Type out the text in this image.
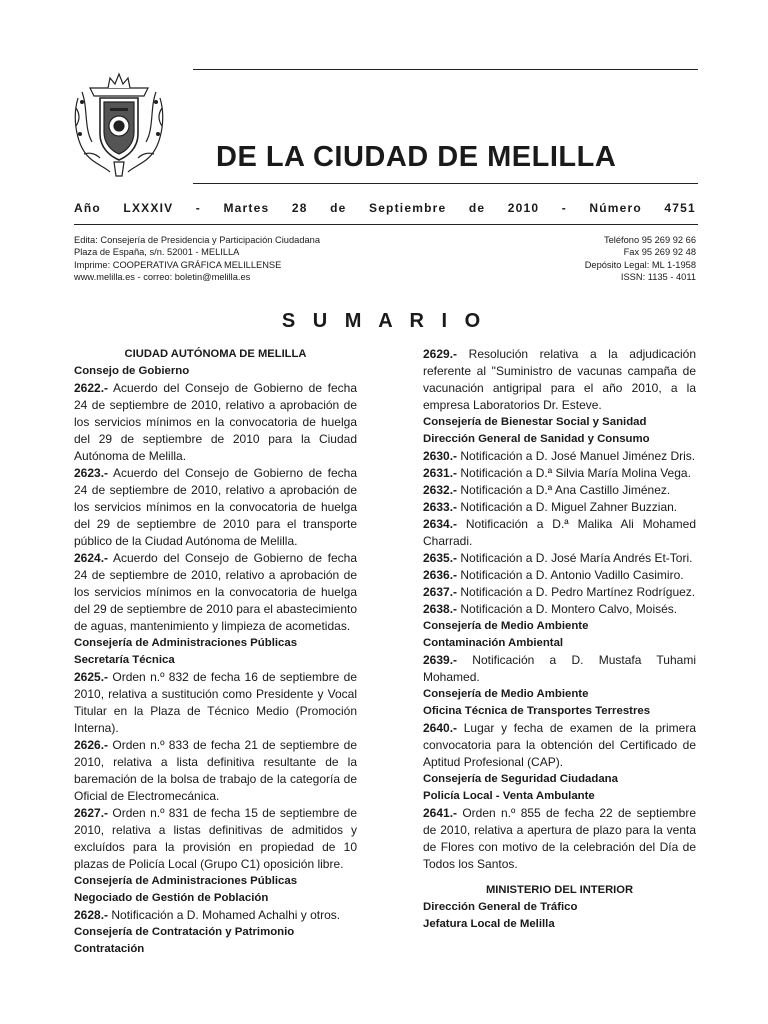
DE LA CIUDAD DE MELILLA
Año LXXXIV - Martes 28 de Septiembre de 2010 - Número 4751
Edita: Consejería de Presidencia y Participación Ciudadana
Plaza de España, s/n. 52001 - MELILLA
Imprime: COOPERATIVA GRÁFICA MELILLENSE
www.melilla.es - correo: boletin@melilla.es
Teléfono 95 269 92 66
Fax 95 269 92 48
Depósito Legal: ML 1-1958
ISSN: 1135 - 4011
S U M A R I O
CIUDAD AUTÓNOMA DE MELILLA
Consejo de Gobierno
2622.- Acuerdo del Consejo de Gobierno de fecha 24 de septiembre de 2010, relativo a aprobación de los servicios mínimos en la convocatoria de huelga del 29 de septiembre de 2010 para la Ciudad Autónoma de Melilla.
2623.- Acuerdo del Consejo de Gobierno de fecha 24 de septiembre de 2010, relativo a aprobación de los servicios mínimos en la convocatoria de huelga del 29 de septiembre de 2010 para el transporte público de la Ciudad Autónoma de Melilla.
2624.- Acuerdo del Consejo de Gobierno de fecha 24 de septiembre de 2010, relativo a aprobación de los servicios mínimos en la convocatoria de huelga del 29 de septiembre de 2010 para el abastecimiento de aguas, mantenimiento y limpieza de acometidas.
Consejería de Administraciones Públicas
Secretaría Técnica
2625.- Orden n.º 832 de fecha 16 de septiembre de 2010, relativa a sustitución como Presidente y Vocal Titular en la Plaza de Técnico Medio (Promoción Interna).
2626.- Orden n.º 833 de fecha 21 de septiembre de 2010, relativa a lista definitiva resultante de la baremación de la bolsa de trabajo de la categoría de Oficial de Electromecánica.
2627.- Orden n.º 831 de fecha 15 de septiembre de 2010, relativa a listas definitivas de admitidos y excluídos para la provisión en propiedad de 10 plazas de Policía Local (Grupo C1) oposición libre.
Consejería de Administraciones Públicas
Negociado de Gestión de Población
2628.- Notificación a D. Mohamed Achalhi y otros.
Consejería de Contratación y Patrimonio
Contratación
2629.- Resolución relativa a la adjudicación referente al "Suministro de vacunas campaña de vacunación antigripal para el año 2010, a la empresa Laboratorios Dr. Esteve.
Consejería de Bienestar Social y Sanidad
Dirección General de Sanidad y Consumo
2630.- Notificación a D. José Manuel Jiménez Dris.
2631.- Notificación a D.ª Silvia María Molina Vega.
2632.- Notificación a D.ª Ana Castillo Jiménez.
2633.- Notificación a D. Miguel Zahner Buzzian.
2634.- Notificación a D.ª Malika Ali Mohamed Charradi.
2635.- Notificación a D. José María Andrés Et-Tori.
2636.- Notificación a D. Antonio Vadillo Casimiro.
2637.- Notificación a D. Pedro Martínez Rodríguez.
2638.- Notificación a D. Montero Calvo, Moisés.
Consejería de Medio Ambiente
Contaminación Ambiental
2639.- Notificación a D. Mustafa Tuhami Mohamed.
Consejería de Medio Ambiente
Oficina Técnica de Transportes Terrestres
2640.- Lugar y fecha de examen de la primera convocatoria para la obtención del Certificado de Aptitud Profesional (CAP).
Consejería de Seguridad Ciudadana
Policía Local - Venta Ambulante
2641.- Orden n.º 855 de fecha 22 de septiembre de 2010, relativa a apertura de plazo para la venta de Flores con motivo de la celebración del Día de Todos los Santos.
MINISTERIO DEL INTERIOR
Dirección General de Tráfico
Jefatura Local de Melilla
